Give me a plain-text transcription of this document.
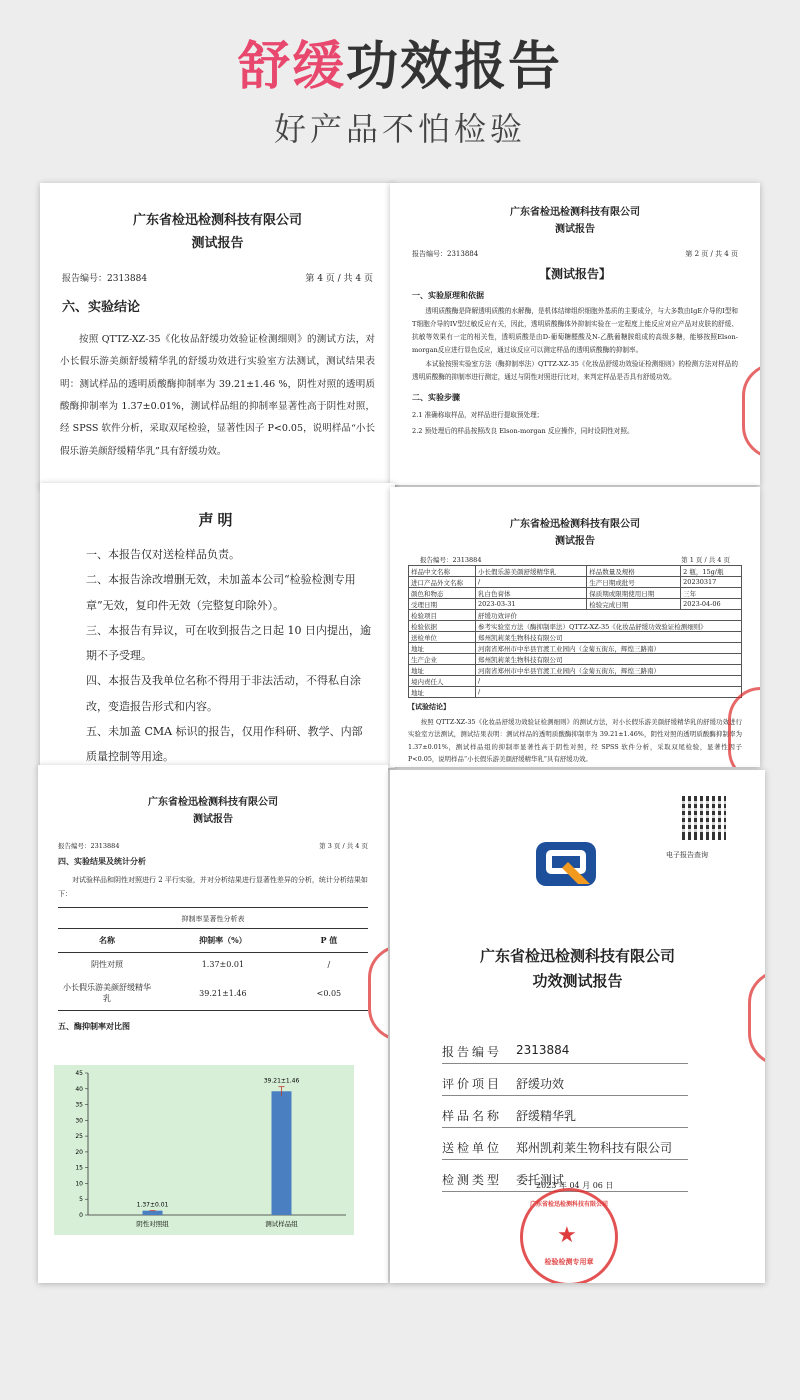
舒缓功效报告
好产品不怕检验
广东省检迅检测科技有限公司
测试报告
报告编号：2313884	第 4 页 / 共 4 页
六、实验结论
按照 QTTZ-XZ-35《化妆品舒缓功效验证检测细则》的测试方法，对小长假乐游美颜舒缓精华乳的舒缓功效进行实验室方法测试，测试结果表明：测试样品的透明质酸酶抑制率为 39.21±1.46 %，阴性对照的透明质酸酶抑制率为 1.37±0.01%，测试样品组的抑制率显著性高于阴性对照，经 SPSS 软件分析，采取双尾检验，显著性因子 P<0.05，说明样品“小长假乐游美颜舒缓精华乳”具有舒缓功效。
广东省检迅检测科技有限公司
测试报告
报告编号：2313884	第 2 页 / 共 4 页
【测试报告】
一、实验原理和依据
透明质酸酶是降解透明质酸的水解酶，是机体结缔组织细胞外基质的主要成分，与大多数由IgE介导的I型和T细胞介导的IV型过敏反应有关，因此，透明质酸酶体外抑制实验在一定程度上能反应对应产品对皮肤的舒缓、抗敏等效果有一定的相关性，透明质酸是由D-葡萄糖醛酸及N-乙酰葡糖胺组成的高级多糖，能够按照Elson-morgan反应进行显色反应，通过该反应可以测定样品的透明质酸酶的抑制率。
本试验按照实验室方法（酶抑制率法）QTTZ-XZ-35《化妆品舒缓功效验证检测细则》的检测方法对样品的透明质酸酶的抑制率进行测定，通过与阴性对照进行比对，来判定样品是否具有舒缓功效。
二、实验步骤
2.1 准确称取样品，对样品进行提取预处理；
2.2 预处理后的样品按照改良 Elson-morgan 反应操作，同时设阴性对照。
声明
一、本报告仅对送检样品负责。
二、本报告涂改增删无效，未加盖本公司“检验检测专用章”无效，复印件无效（完整复印除外）。
三、本报告有异议，可在收到报告之日起 10 日内提出，逾期不予受理。
四、本报告及我单位名称不得用于非法活动，不得私自涂改，变造报告形式和内容。
五、未加盖 CMA 标识的报告，仅用作科研、教学、内部质量控制等用途。
广东省检迅检测科技有限公司
测试报告
报告编号：2313884	第 1 页 / 共 4 页
样品中文名称	小长假乐游美颜舒缓精华乳	样品数量及规格	2 瓶，15g/瓶
进口产品外文名称	/	生产日期或批号	20230317
颜色和物态	乳白色膏体	保质期或限期使用日期	三年
受理日期	2023-03-31	检验完成日期	2023-04-06
检验项目	舒缓功效评价		
检验依据	参考实验室方法（酶抑制率法）QTTZ-XZ-35《化妆品舒缓功效验证检测细则》		
送检单位	郑州凯莉莱生物科技有限公司		
地址	河南省郑州市中牟县官渡工业园内（金菊五街东，辉煌三路南）		
生产企业	郑州凯莉莱生物科技有限公司		
地址	河南省郑州市中牟县官渡工业园内（金菊五街东，辉煌三路南）		
境内责任人	/		
地址	/		
【试验结论】
按照 QTTZ-XZ-35《化妆品舒缓功效验证检测细则》的测试方法，对小长假乐游美颜舒缓精华乳的舒缓功效进行实验室方法测试，测试结果表明：测试样品的透明质酸酶抑制率为 39.21±1.46%，阴性对照的透明质酸酶抑制率为 1.37±0.01%，测试样品组的抑制率显著性高于阴性对照，经 SPSS 软件分析，采取双尾检验，显著性因子 P<0.05，说明样品“小长假乐游美颜舒缓精华乳”具有舒缓功效。
广东省检迅检测科技有限公司
测试报告
报告编号：2313884	第 3 页 / 共 4 页
四、实验结果及统计分析
对试验样品和阴性对照进行 2 平行实验，并对分析结果进行显著性差异的分析，统计分析结果如下：
抑制率显著性分析表
名称	抑制率（%）	P 值
阴性对照	1.37±0.01	/
小长假乐游美颜舒缓精华乳	39.21±1.46	<0.05
五、酶抑制率对比图
0
5
10
15
20
25
30
35
40
45
1.37±0.01
阴性对照组
39.21±1.46
测试样品组
电子报告查询
广东省检迅检测科技有限公司
功效测试报告
报告编号	2313884
评价项目	舒缓功效
样品名称	舒缓精华乳
送检单位	郑州凯莉莱生物科技有限公司
检测类型	委托测试
2023 年 04 月 06 日
广东省检迅检测科技有限公司
★
检验检测专用章
